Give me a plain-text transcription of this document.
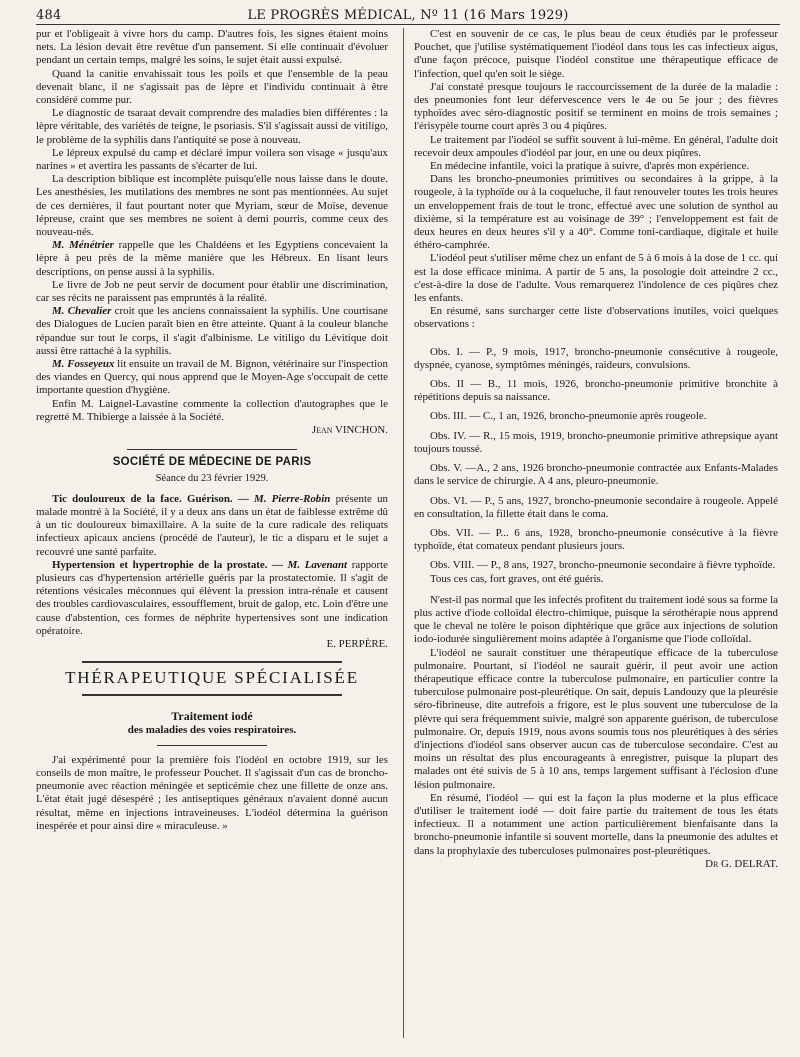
484	LE PROGRÈS MÉDICAL, Nº 11 (16 Mars 1929)

pur et l'obligeait à vivre hors du camp. D'autres fois, les signes étaient moins nets. La lésion devait être revêtue d'un pansement. Si elle continuait d'évoluer pendant un certain temps, malgré les soins, le sujet était aussi expulsé.

Quand la canitie envahissait tous les poils et que l'ensemble de la peau devenait blanc, il ne s'agissait pas de lèpre et l'individu continuait à être considéré comme pur.

Le diagnostic de tsaraat devait comprendre des maladies bien différentes : la lèpre véritable, des variétés de teigne, le psoriasis. S'il s'agissait aussi de vitiligo, le problème de la syphilis dans l'antiquité se pose à nouveau.

Le lépreux expulsé du camp et déclaré impur voilera son visage « jusqu'aux narines » et avertira les passants de s'écarter de lui.

La description biblique est incomplète puisqu'elle nous laisse dans le doute. Les anesthésies, les mutilations des membres ne sont pas mentionnées. Au sujet de ces dernières, il faut pourtant noter que Myriam, sœur de Moïse, devenue lépreuse, craint que ses membres ne soient à demi pourris, comme ceux des nouveau-nés.

M. Ménétrier rappelle que les Chaldéens et les Egyptiens concevaient la lèpre à peu près de la même manière que les Hébreux. En lisant leurs descriptions, on pense aussi à la syphilis.

Le livre de Job ne peut servir de document pour établir une discrimination, car ses récits ne paraissent pas empruntés à la réalité.

M. Chevalier croit que les anciens connaissaient la syphilis. Une courtisane des Dialogues de Lucien paraît bien en être atteinte. Quant à la couleur blanche répandue sur tout le corps, il s'agit d'albinisme. Le vitiligo du Lévitique doit aussi être rattaché à la syphilis.

M. Fosseyeux lit ensuite un travail de M. Bignon, vétérinaire sur l'inspection des viandes en Quercy, qui nous apprend que le Moyen-Age s'occupait de cette importante question d'hygiène.

Enfin M. Laignel-Lavastine commente la collection d'autographes que le regretté M. Thibierge a laissée à la Société.

Jean VINCHON.

SOCIÉTÉ DE MÉDECINE DE PARIS
Séance du 23 février 1929.

Tic douloureux de la face. Guérison. — M. Pierre-Robin présente un malade montré à la Société, il y a deux ans dans un état de faiblesse extrême dû à un tic douloureux bimaxillaire. A la suite de la cure radicale des reliquats infectieux apicaux anciens (procédé de l'auteur), le tic a disparu et le sujet a recouvré une santé parfaite.

Hypertension et hypertrophie de la prostate. — M. Lavenant rapporte plusieurs cas d'hypertension artérielle guéris par la prostatectomie. Il s'agit de rétentions vésicales méconnues qui élèvent la pression intra-rénale et causent des troubles cardiovasculaires, essoufflement, bruit de galop, etc. Loin d'être une cause d'abstention, ces formes de néphrite hypertensives sont une indication opératoire.

E. PERPÈRE.

THÉRAPEUTIQUE SPÉCIALISÉE
Traitement iodé
des maladies des voies respiratoires.

J'ai expérimenté pour la première fois l'iodéol en octobre 1919, sur les conseils de mon maître, le professeur Pouchet. Il s'agissait d'un cas de broncho-pneumonie avec réaction méningée et septicémie chez une fillette de onze ans. L'état était jugé désespéré ; les antiseptiques généraux n'avaient donné aucun résultat, même en injections intraveineuses. L'iodéol détermina la guérison inespérée et pour ainsi dire « miraculeuse. »

C'est en souvenir de ce cas, le plus beau de ceux étudiés par le professeur Pouchet, que j'utilise systématiquement l'iodéol dans tous les cas infectieux aigus, d'une façon précoce, puisque l'iodéol constitue une thérapeutique efficace de l'infection, quel qu'en soit le siège.

J'ai constaté presque toujours le raccourcissement de la durée de la maladie : des pneumonies font leur défervescence vers le 4e ou 5e jour ; des fièvres typhoïdes avec séro-diagnostic positif se terminent en moins de trois semaines ; l'érisypèle tourne court après 3 ou 4 piqûres.

Le traitement par l'iodéol se suffit souvent à lui-même. En général, l'adulte doit recevoir deux ampoules d'iodéol par jour, en une ou deux piqûres.

En médecine infantile, voici la pratique à suivre, d'après mon expérience.

Dans les broncho-pneumonies primitives ou secondaires à la grippe, à la rougeole, à la typhoïde ou à la coqueluche, il faut renouveler toutes les trois heures un enveloppement frais de tout le tronc, effectué avec une solution de synthol au dixième, si la température est au voisinage de 39° ; l'enveloppement est fait de deux heures en deux heures s'il y a 40°. Comme toni-cardiaque, digitale et huile éthéro-camphrée.

L'iodéol peut s'utiliser même chez un enfant de 5 à 6 mois à la dose de 1 cc. qui est la dose efficace minima. A partir de 5 ans, la posologie doit atteindre 2 cc., c'est-à-dire la dose de l'adulte. Vous remarquerez l'indolence de ces piqûres chez les enfants.

En résumé, sans surcharger cette liste d'observations inutiles, voici quelques observations :

Obs. I. — P., 9 mois, 1917, broncho-pneumonie consécutive à rougeole, dyspnée, cyanose, symptômes méningés, raideurs, convulsions.

Obs. II — B., 11 mois, 1926, broncho-pneumonie primitive bronchite à répétitions depuis sa naissance.

Obs. III. — C., 1 an, 1926, broncho-pneumonie après rougeole.

Obs. IV. — R., 15 mois, 1919, broncho-pneumonie primitive athrepsique ayant toujours toussé.

Obs. V. —A., 2 ans, 1926 broncho-pneumonie contractée aux Enfants-Malades dans le service de chirurgie. A 4 ans, pleuro-pneumonie.

Obs. VI. — P., 5 ans, 1927, broncho-pneumonie secondaire à rougeole. Appelé en consultation, la fillette était dans le coma.

Obs. VII. — P... 6 ans, 1928, broncho-pneumonie consécutive à la fièvre typhoïde, état comateux pendant plusieurs jours.

Obs. VIII. — P., 8 ans, 1927, broncho-pneumonie secondaire à fièvre typhoïde.

Tous ces cas, fort graves, ont été guéris.

N'est-il pas normal que les infectés profitent du traitement iodé sous sa forme la plus active d'iode colloïdal électro-chimique, puisque la sérothérapie nous apprend que le cheval ne tolère le poison diphtérique que grâce aux injections de solution iodo-iodurée singulièrement moins adaptée à l'organisme que l'iode colloïdal.

L'iodéol ne saurait constituer une thérapeutique efficace de la tuberculose pulmonaire. Pourtant, si l'iodéol ne saurait guérir, il peut avoir une action thérapeutique efficace contre la tuberculose pulmonaire, en particulier contre la tuberculose pulmonaire post-pleurétique. On sait, depuis Landouzy que la pleurésie séro-fibrineuse, dite autrefois a frigore, est le plus souvent une tuberculose de la plèvre qui sera fréquemment suivie, malgré son apparente guérison, de tuberculose pulmonaire. Or, depuis 1919, nous avons soumis tous nos pleurétiques à des séries d'injections d'iodéol sans observer aucun cas de tuberculose secondaire. C'est au moins un résultat des plus encourageants à enregistrer, puisque la plupart des malades ont été suivis de 5 à 10 ans, temps largement suffisant à l'éclosion d'une lésion pulmonaire.

En résumé, l'iodéol — qui est la façon la plus moderne et la plus efficace d'utiliser le traitement iodé — doit faire partie du traitement de tous les états infectieux. Il a notamment une action particulièrement bienfaisante dans la broncho-pneumonie infantile si souvent mortelle, dans la pneumonie des adultes et dans la prophylaxie des tuberculoses pulmonaires post-pleurétiques.

Dr G. DELRAT.
